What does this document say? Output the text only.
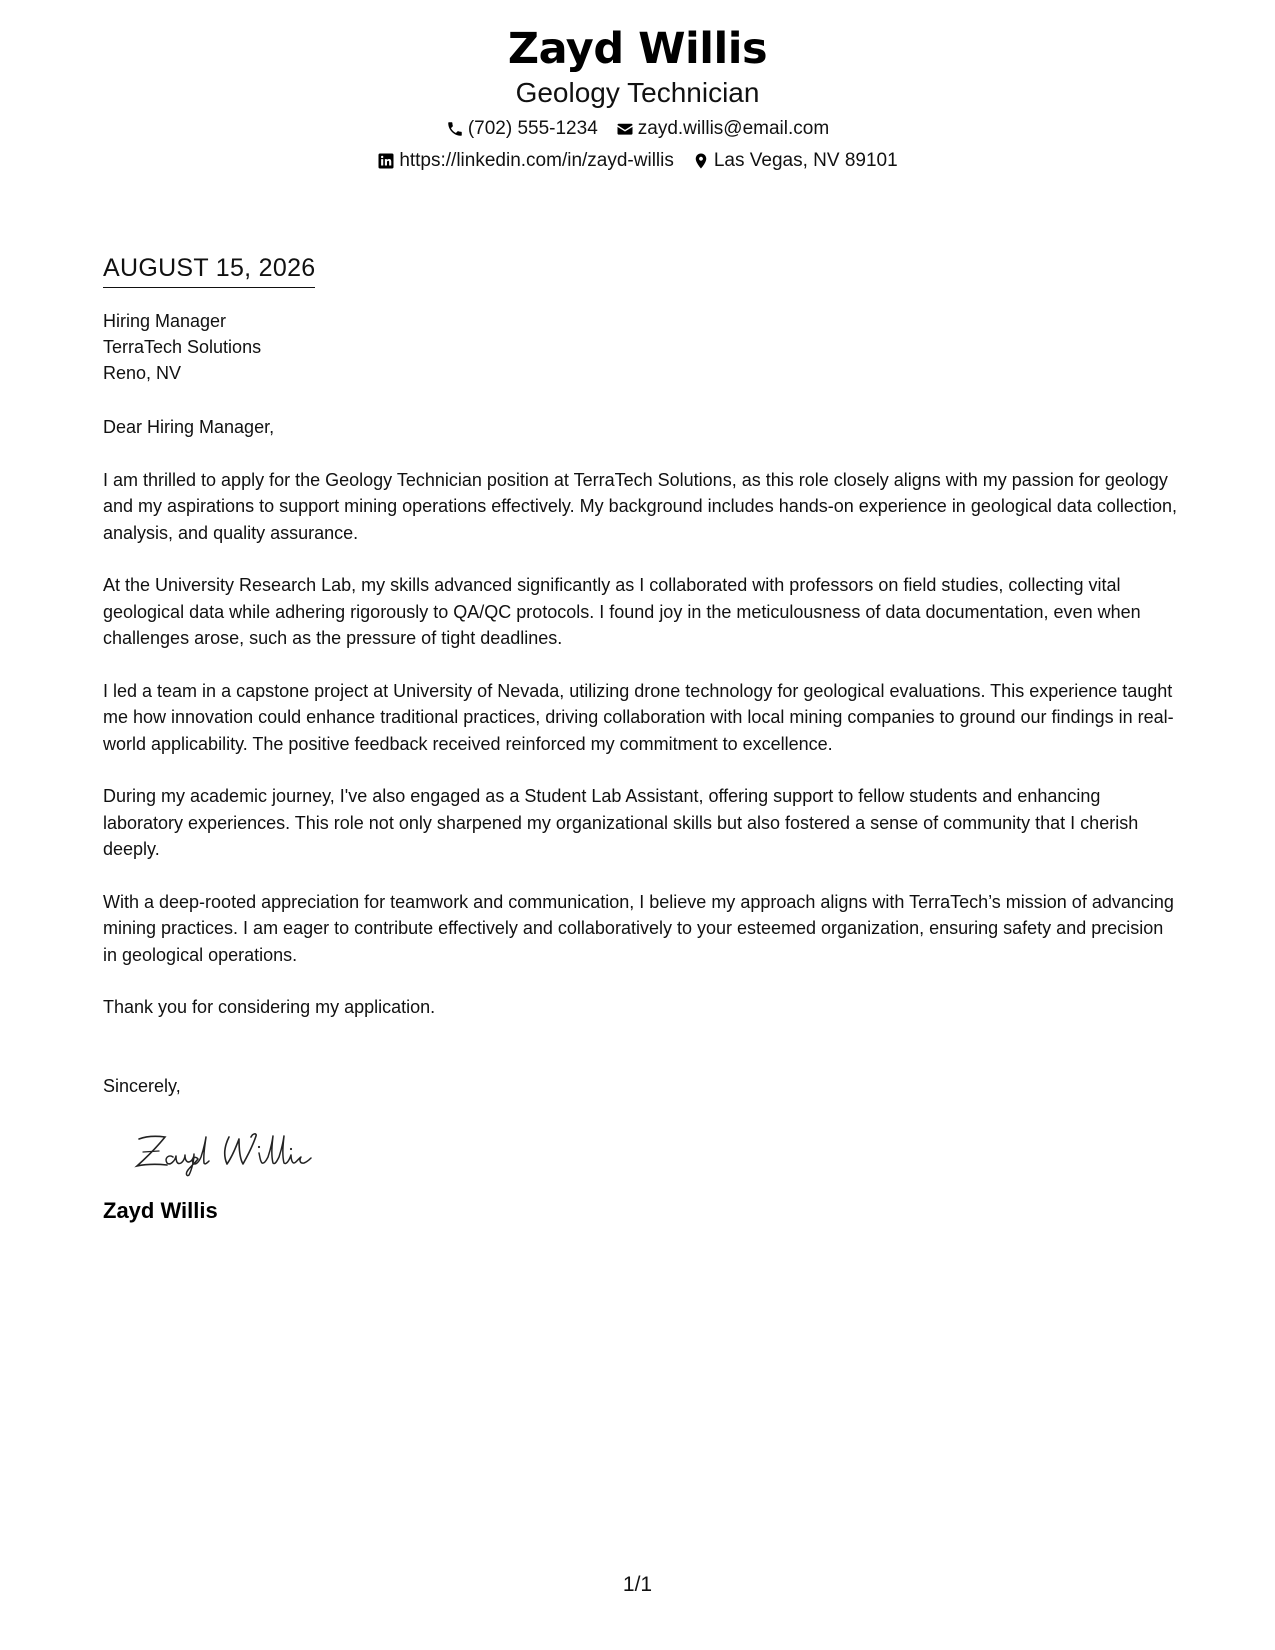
Zayd Willis
Geology Technician
(702) 555-1234 zayd.willis@email.com
https://linkedin.com/in/zayd-willis Las Vegas, NV 89101
AUGUST 15, 2026
Hiring Manager
TerraTech Solutions
Reno, NV
Dear Hiring Manager,
I am thrilled to apply for the Geology Technician position at TerraTech Solutions, as this role closely aligns with my passion for geology and my aspirations to support mining operations effectively. My background includes hands-on experience in geological data collection, analysis, and quality assurance.
At the University Research Lab, my skills advanced significantly as I collaborated with professors on field studies, collecting vital geological data while adhering rigorously to QA/QC protocols. I found joy in the meticulousness of data documentation, even when challenges arose, such as the pressure of tight deadlines.
I led a team in a capstone project at University of Nevada, utilizing drone technology for geological evaluations. This experience taught me how innovation could enhance traditional practices, driving collaboration with local mining companies to ground our findings in real-world applicability. The positive feedback received reinforced my commitment to excellence.
During my academic journey, I've also engaged as a Student Lab Assistant, offering support to fellow students and enhancing laboratory experiences. This role not only sharpened my organizational skills but also fostered a sense of community that I cherish deeply.
With a deep-rooted appreciation for teamwork and communication, I believe my approach aligns with TerraTech’s mission of advancing mining practices. I am eager to contribute effectively and collaboratively to your esteemed organization, ensuring safety and precision in geological operations.
Thank you for considering my application.
Sincerely,
Zayd Willis
1/1
